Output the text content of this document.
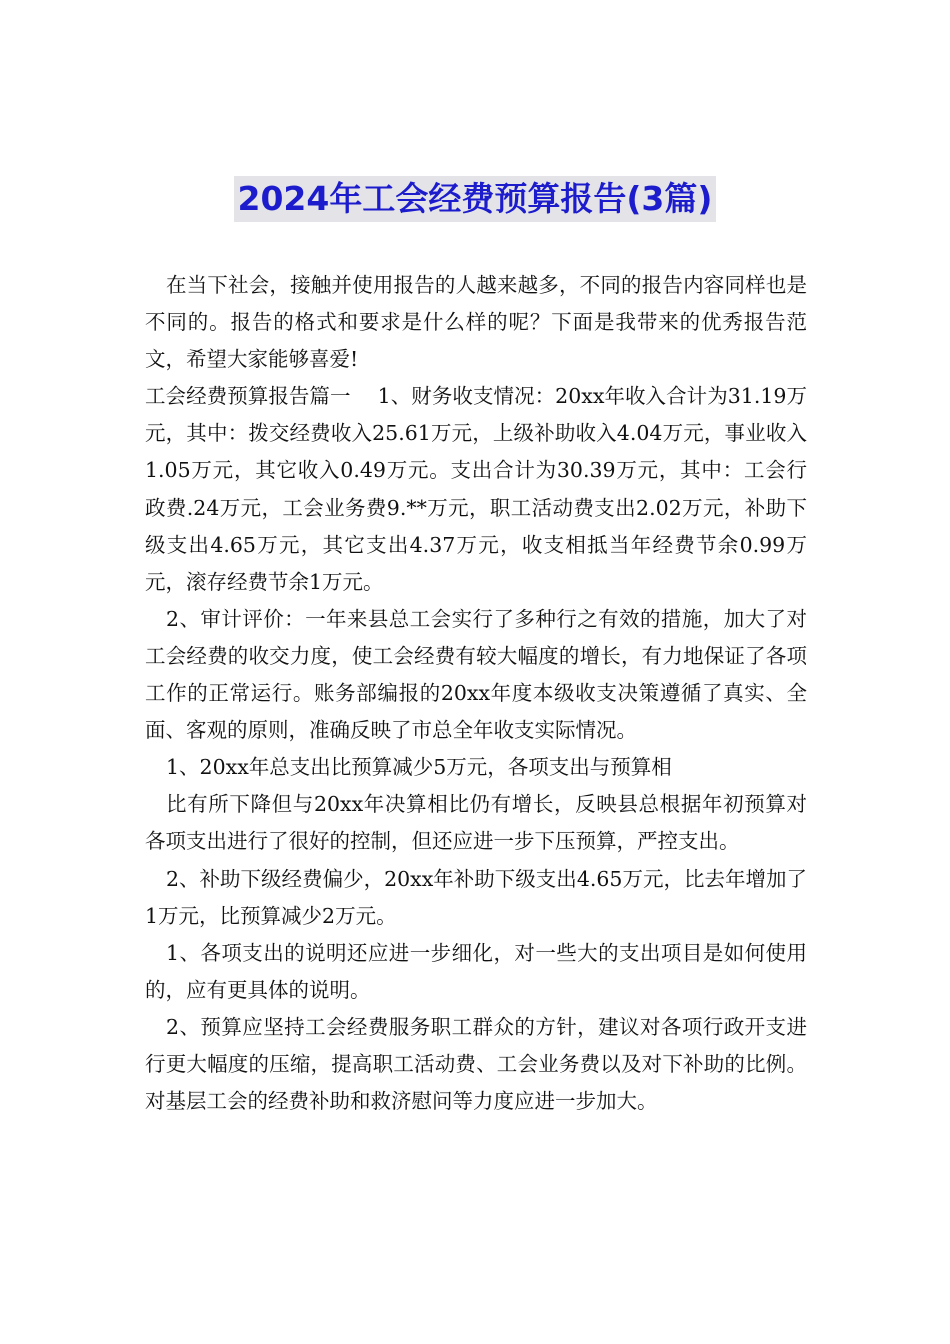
2024年工会经费预算报告(3篇)

在当下社会，接触并使用报告的人越来越多，不同的报告内容同样也是不同的。报告的格式和要求是什么样的呢？下面是我带来的优秀报告范文，希望大家能够喜爱!

工会经费预算报告篇一　 1、财务收支情况：20xx年收入合计为31.19万元，其中：拨交经费收入25.61万元，上级补助收入4.04万元，事业收入1.05万元，其它收入0.49万元。支出合计为30.39万元，其中：工会行政费.24万元，工会业务费9.**万元，职工活动费支出2.02万元，补助下级支出4.65万元，其它支出4.37万元，收支相抵当年经费节余0.99万元，滚存经费节余1万元。

2、审计评价：一年来县总工会实行了多种行之有效的措施，加大了对工会经费的收交力度，使工会经费有较大幅度的增长，有力地保证了各项工作的正常运行。账务部编报的20xx年度本级收支决策遵循了真实、全面、客观的原则，准确反映了市总全年收支实际情况。

1、20xx年总支出比预算减少5万元，各项支出与预算相

比有所下降但与20xx年决算相比仍有增长，反映县总根据年初预算对各项支出进行了很好的控制，但还应进一步下压预算，严控支出。

2、补助下级经费偏少，20xx年补助下级支出4.65万元，比去年增加了1万元，比预算减少2万元。

1、各项支出的说明还应进一步细化，对一些大的支出项目是如何使用的，应有更具体的说明。

2、预算应坚持工会经费服务职工群众的方针，建议对各项行政开支进行更大幅度的压缩，提高职工活动费、工会业务费以及对下补助的比例。对基层工会的经费补助和救济慰问等力度应进一步加大。
